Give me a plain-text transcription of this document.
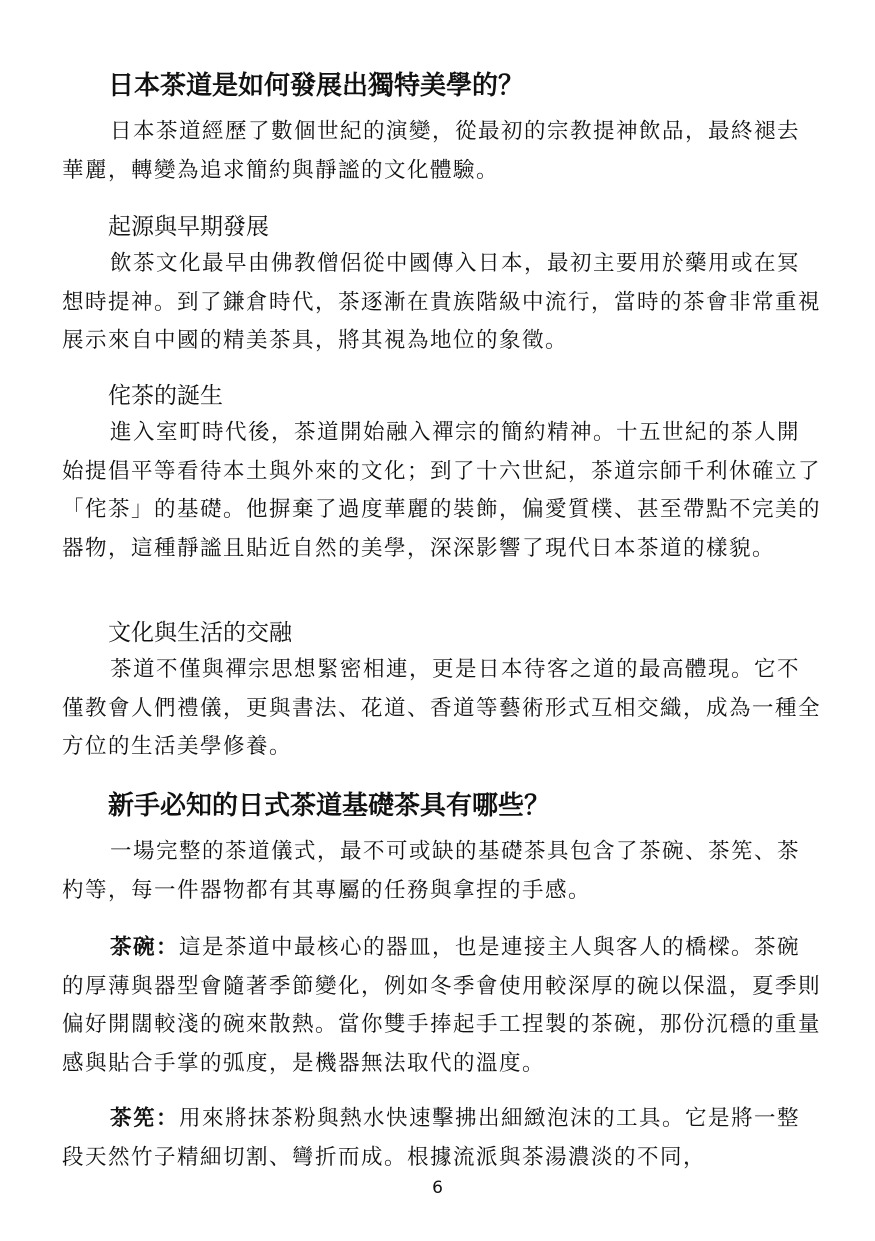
日本茶道是如何發展出獨特美學的？

日本茶道經歷了數個世紀的演變，從最初的宗教提神飲品，最終褪去華麗，轉變為追求簡約與靜謐的文化體驗。

起源與早期發展

飲茶文化最早由佛教僧侶從中國傳入日本，最初主要用於藥用或在冥想時提神。到了鎌倉時代，茶逐漸在貴族階級中流行，當時的茶會非常重視展示來自中國的精美茶具，將其視為地位的象徵。

侘茶的誕生

進入室町時代後，茶道開始融入禪宗的簡約精神。十五世紀的茶人開始提倡平等看待本土與外來的文化；到了十六世紀，茶道宗師千利休確立了「侘茶」的基礎。他摒棄了過度華麗的裝飾，偏愛質樸、甚至帶點不完美的器物，這種靜謐且貼近自然的美學，深深影響了現代日本茶道的樣貌。

文化與生活的交融

茶道不僅與禪宗思想緊密相連，更是日本待客之道的最高體現。它不僅教會人們禮儀，更與書法、花道、香道等藝術形式互相交織，成為一種全方位的生活美學修養。

新手必知的日式茶道基礎茶具有哪些？

一場完整的茶道儀式，最不可或缺的基礎茶具包含了茶碗、茶筅、茶杓等，每一件器物都有其專屬的任務與拿捏的手感。

茶碗：這是茶道中最核心的器皿，也是連接主人與客人的橋樑。茶碗的厚薄與器型會隨著季節變化，例如冬季會使用較深厚的碗以保溫，夏季則偏好開闊較淺的碗來散熱。當你雙手捧起手工捏製的茶碗，那份沉穩的重量感與貼合手掌的弧度，是機器無法取代的溫度。

茶筅：用來將抹茶粉與熱水快速擊拂出細緻泡沫的工具。它是將一整段天然竹子精細切割、彎折而成。根據流派與茶湯濃淡的不同，

6
